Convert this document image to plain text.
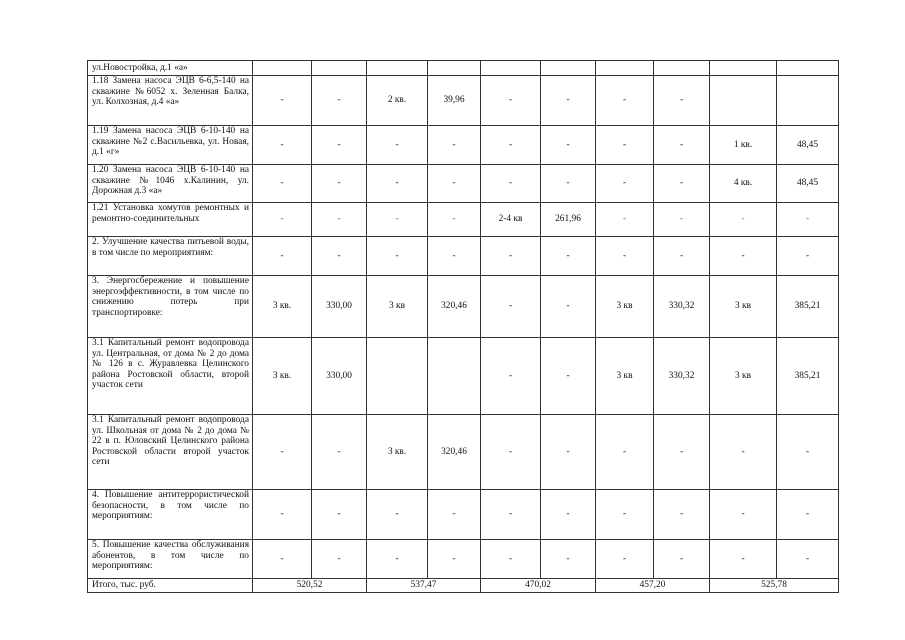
ул.Новостройка, д.1 «а»										
1.18 Замена насоса ЭЦВ 6-6,5-140 на скважине №6052 х. Зеленная Балка, ул. Колхозная, д.4 «а»	-	-	2 кв.	39,96	-	-	-	-		
1.19 Замена насоса ЭЦВ 6-10-140 на скважине №2 с.Васильевка, ул. Новая, д.1 «г»	-	-	-	-	-	-	-	-	1 кв.	48,45
1.20 Замена насоса ЭЦВ 6-10-140 на скважине №1046 х.Калинин, ул. Дорожная д.3 «а»	-	-	-	-	-	-	-	-	4 кв.	48,45
1.21 Установка хомутов ремонтных и ремонтно-соединительных	-	-	-	-	2-4 кв	261,96	-	-	-	-
2. Улучшение качества питьевой воды, в том числе по мероприятиям:	-	-	-	-	-	-	-	-	-	-
3. Энергосбережение и повышение энергоэффективности, в том числе по снижению потерь при транспортировке:	3 кв.	330,00	3 кв	320,46	-	-	3 кв	330,32	3 кв	385,21
3.1 Капитальный ремонт водопровода ул. Центральная, от дома № 2 до дома № 126 в с. Журавлевка Целинского района Ростовской области, второй участок сети	3 кв.	330,00			-	-	3 кв	330,32	3 кв	385,21
3.1 Капитальный ремонт водопровода ул. Школьная от дома № 2 до дома № 22 в п. Юловский Целинского района Ростовской области второй участок сети	-	-	3 кв.	320,46	-	-	-	-	-	-
4. Повышение антитеррористической безопасности, в том числе по мероприятиям:	-	-	-	-	-	-	-	-	-	-
5. Повышение качества обслуживания абонентов, в том числе по мероприятиям:	-	-	-	-	-	-	-	-	-	-
Итого, тыс. руб.	520,52		537,47		470,02		457,20		525,78	
